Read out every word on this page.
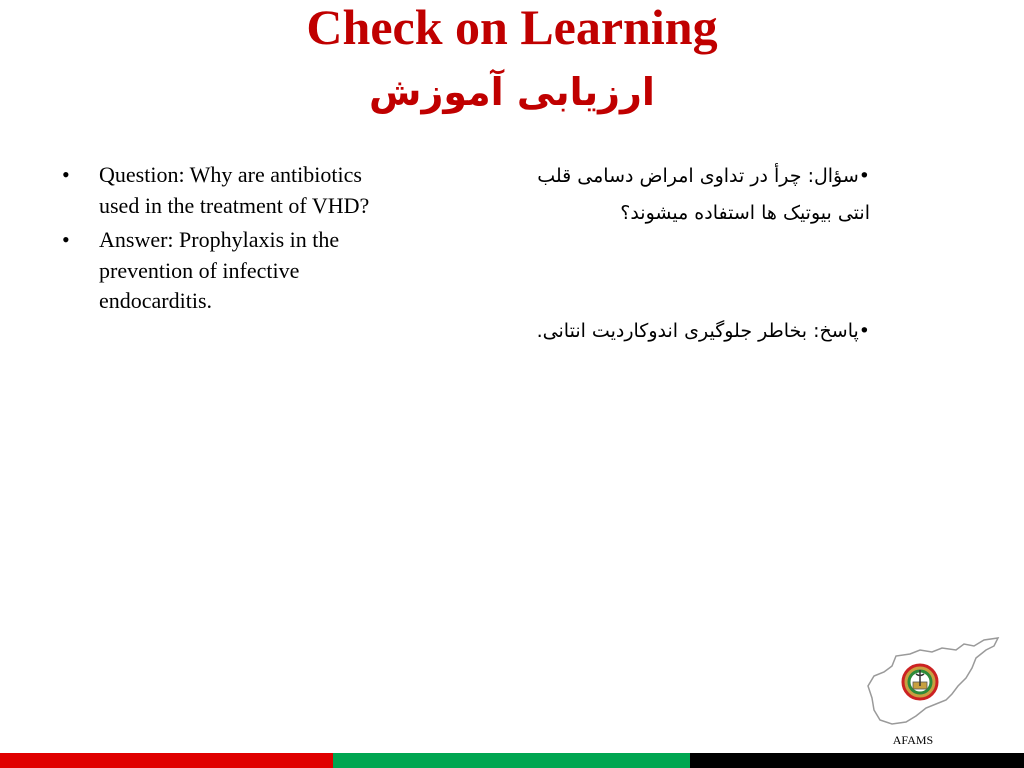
Check on Learning
ارزیابی آموزش
• Question: Why are antibiotics used in the treatment of VHD?
• Answer: Prophylaxis in the prevention of infective endocarditis.
•سؤال: چرأ در تداوی امراض دسامی قلب انتی بیوتیک ها استفاده میشوند؟
•پاسخ: بخاطر جلوگیری اندوکاردیت انتانی.
AFAMS
